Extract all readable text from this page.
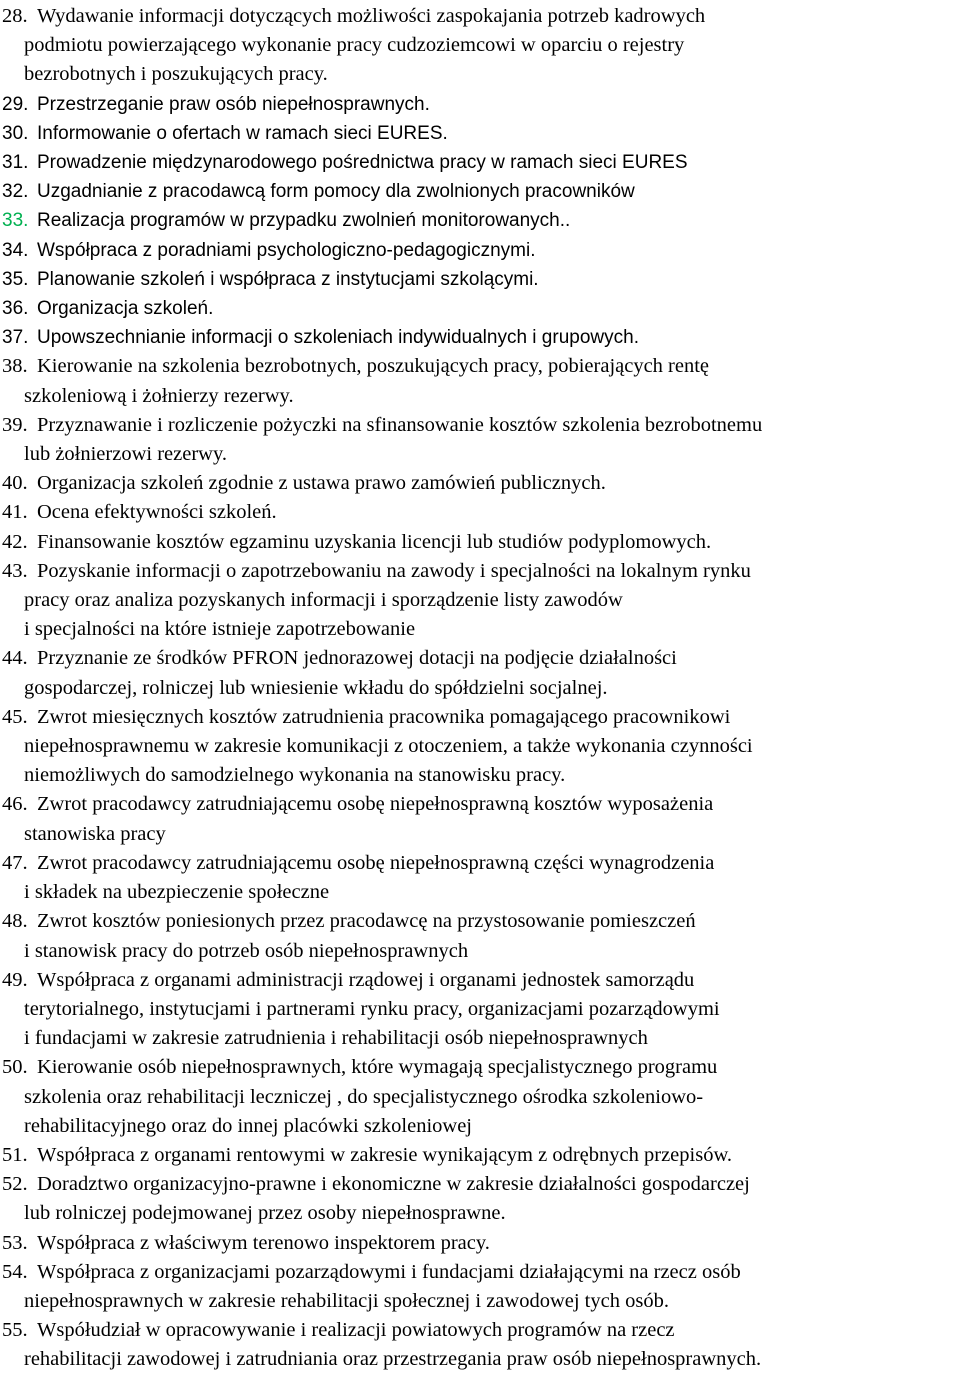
28. Wydawanie informacji dotyczących możliwości zaspokajania potrzeb kadrowych
podmiotu powierzającego wykonanie pracy cudzoziemcowi w oparciu o rejestry
bezrobotnych i poszukujących pracy.
29. Przestrzeganie praw osób niepełnosprawnych.
30. Informowanie o ofertach w ramach sieci EURES.
31. Prowadzenie międzynarodowego pośrednictwa pracy w ramach sieci EURES
32. Uzgadnianie z pracodawcą form pomocy dla zwolnionych pracowników
33. Realizacja programów w przypadku zwolnień monitorowanych..
34. Współpraca z poradniami psychologiczno-pedagogicznymi.
35. Planowanie szkoleń i współpraca z instytucjami szkolącymi.
36. Organizacja szkoleń.
37. Upowszechnianie informacji o szkoleniach indywidualnych i grupowych.
38. Kierowanie na szkolenia bezrobotnych, poszukujących pracy, pobierających rentę
szkoleniową i żołnierzy rezerwy.
39. Przyznawanie i rozliczenie pożyczki na sfinansowanie kosztów szkolenia bezrobotnemu
lub żołnierzowi rezerwy.
40. Organizacja szkoleń zgodnie z ustawa prawo zamówień publicznych.
41. Ocena efektywności szkoleń.
42. Finansowanie kosztów egzaminu uzyskania licencji lub studiów podyplomowych.
43. Pozyskanie informacji o zapotrzebowaniu na zawody i specjalności na lokalnym rynku
pracy oraz analiza pozyskanych informacji i sporządzenie listy zawodów
i specjalności na które istnieje zapotrzebowanie
44. Przyznanie ze środków PFRON jednorazowej dotacji na podjęcie działalności
gospodarczej, rolniczej lub wniesienie wkładu do spółdzielni socjalnej.
45. Zwrot miesięcznych kosztów zatrudnienia pracownika pomagającego pracownikowi
niepełnosprawnemu w zakresie komunikacji z otoczeniem, a także wykonania czynności
niemożliwych do samodzielnego wykonania na stanowisku pracy.
46. Zwrot pracodawcy zatrudniającemu osobę niepełnosprawną kosztów wyposażenia
stanowiska pracy
47. Zwrot pracodawcy zatrudniającemu osobę niepełnosprawną części wynagrodzenia
i składek na ubezpieczenie społeczne
48. Zwrot kosztów poniesionych przez pracodawcę na przystosowanie pomieszczeń
i stanowisk pracy do potrzeb osób niepełnosprawnych
49. Współpraca z organami administracji rządowej i organami jednostek samorządu
terytorialnego, instytucjami i partnerami rynku pracy, organizacjami pozarządowymi
i fundacjami w zakresie zatrudnienia i rehabilitacji osób niepełnosprawnych
50. Kierowanie osób niepełnosprawnych, które wymagają specjalistycznego programu
szkolenia oraz rehabilitacji leczniczej , do specjalistycznego ośrodka szkoleniowo-
rehabilitacyjnego oraz do innej placówki szkoleniowej
51. Współpraca z organami rentowymi w zakresie wynikającym z odrębnych przepisów.
52. Doradztwo organizacyjno-prawne i ekonomiczne w zakresie działalności gospodarczej
lub rolniczej podejmowanej przez osoby niepełnosprawne.
53. Współpraca z właściwym terenowo inspektorem pracy.
54. Współpraca z organizacjami pozarządowymi i fundacjami działającymi na rzecz osób
niepełnosprawnych w zakresie rehabilitacji społecznej i zawodowej tych osób.
55. Współudział w opracowywanie i realizacji powiatowych programów na rzecz
rehabilitacji zawodowej i zatrudniania oraz przestrzegania praw osób niepełnosprawnych.
